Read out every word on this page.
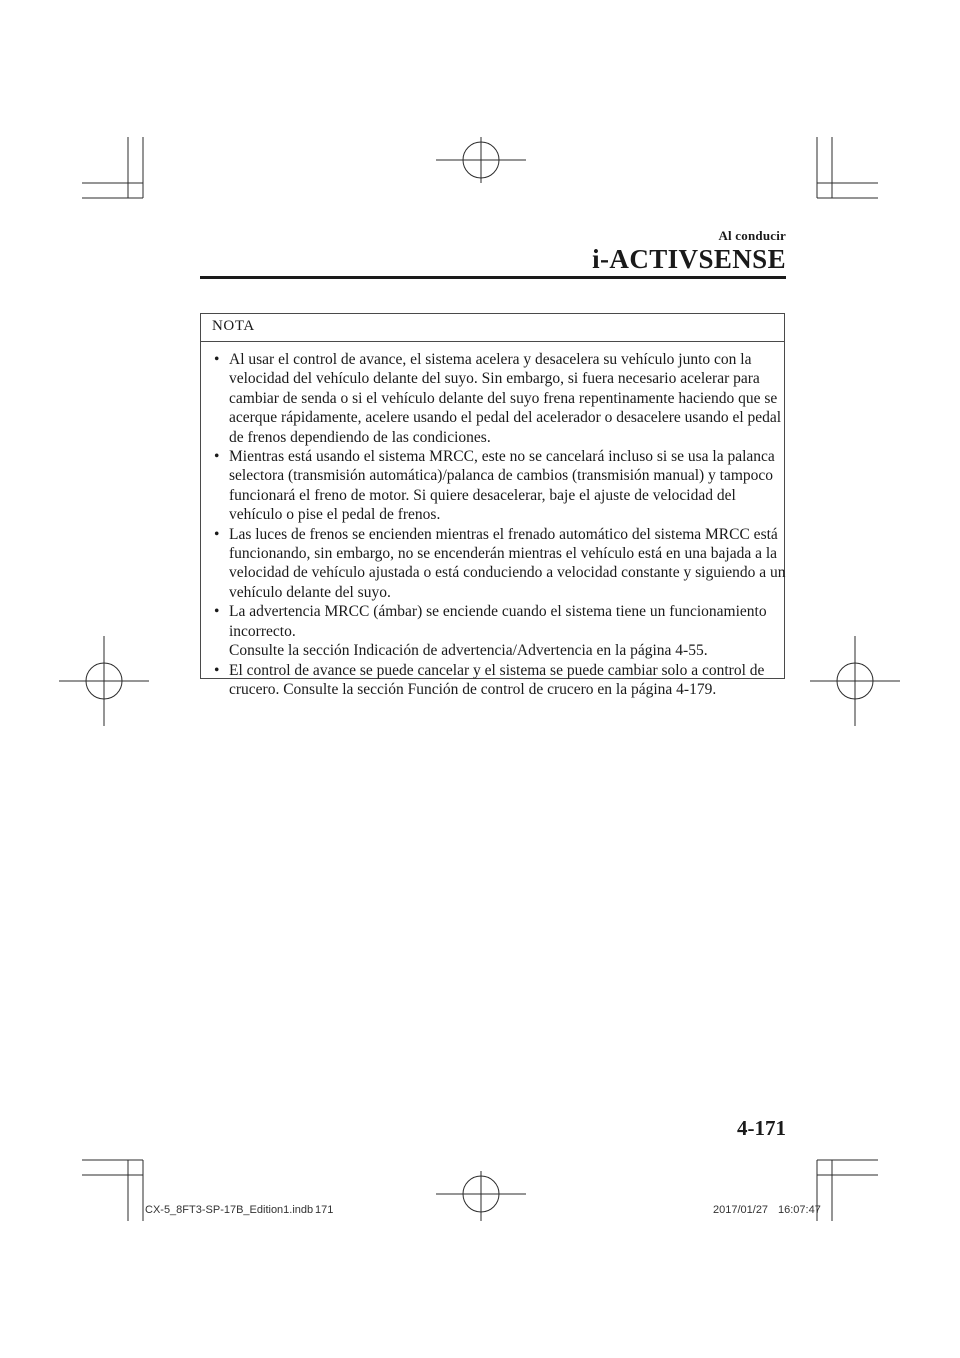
Al conducir
i-ACTIVSENSE
NOTA
• Al usar el control de avance, el sistema acelera y desacelera su vehículo junto con la velocidad del vehículo delante del suyo. Sin embargo, si fuera necesario acelerar para cambiar de senda o si el vehículo delante del suyo frena repentinamente haciendo que se acerque rápidamente, acelere usando el pedal del acelerador o desacelere usando el pedal de frenos dependiendo de las condiciones.
• Mientras está usando el sistema MRCC, este no se cancelará incluso si se usa la palanca selectora (transmisión automática)/palanca de cambios (transmisión manual) y tampoco funcionará el freno de motor. Si quiere desacelerar, baje el ajuste de velocidad del vehículo o pise el pedal de frenos.
• Las luces de frenos se encienden mientras el frenado automático del sistema MRCC está funcionando, sin embargo, no se encenderán mientras el vehículo está en una bajada a la velocidad de vehículo ajustada o está conduciendo a velocidad constante y siguiendo a un vehículo delante del suyo.
• La advertencia MRCC (ámbar) se enciende cuando el sistema tiene un funcionamiento incorrecto.
Consulte la sección Indicación de advertencia/Advertencia en la página 4-55.
• El control de avance se puede cancelar y el sistema se puede cambiar solo a control de crucero. Consulte la sección Función de control de crucero en la página 4-179.
4-171
CX-5_8FT3-SP-17B_Edition1.indb 171	2017/01/27 16:07:47
